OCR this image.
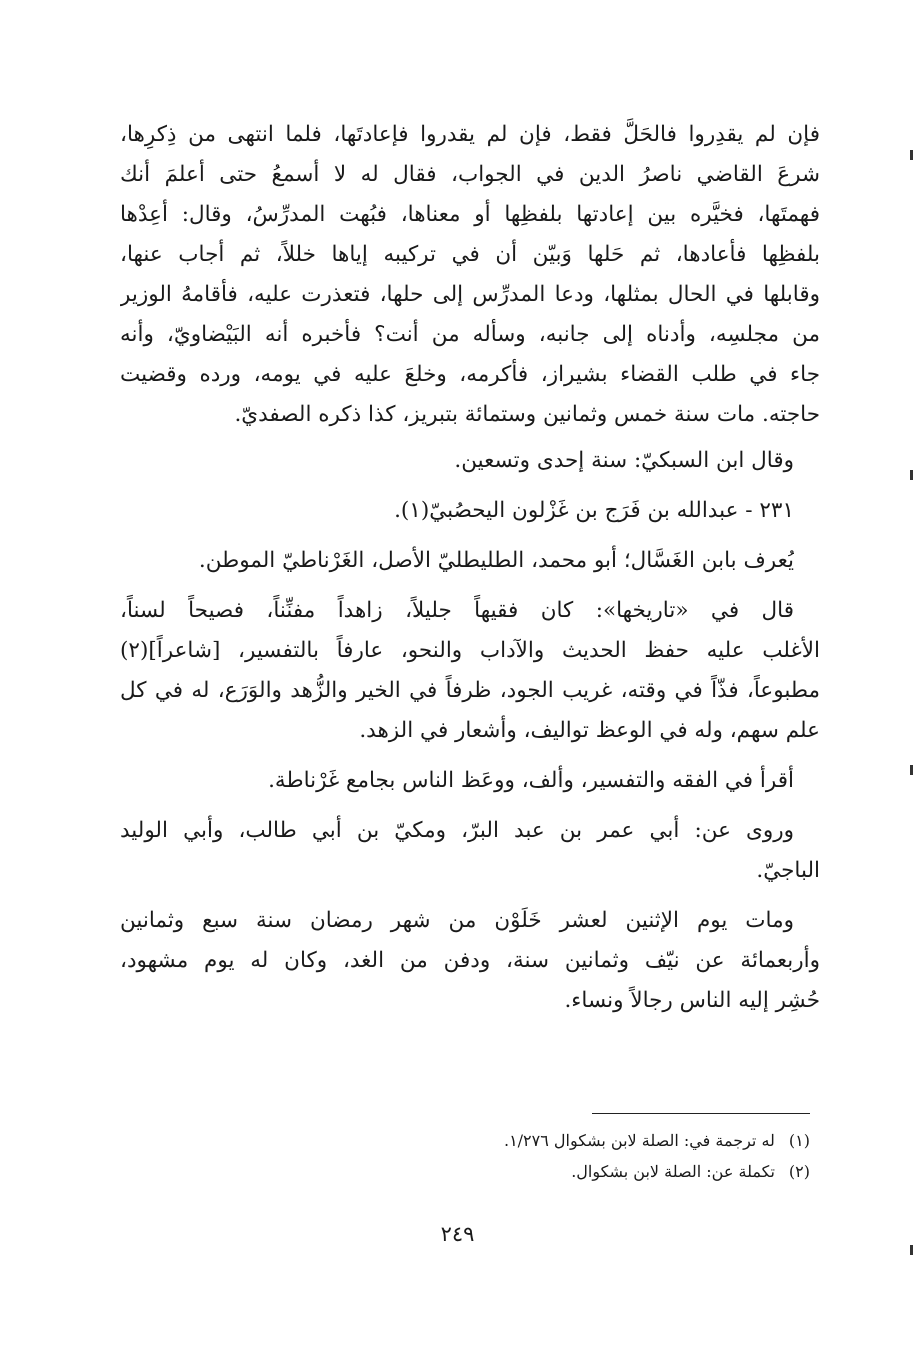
فإن لم يقدِروا فالحَلَّ فقط، فإن لم يقدروا فإعادتَها، فلما انتهى من ذِكرِها،
شرعَ القاضي ناصرُ الدين في الجواب، فقال له لا أسمعُ حتى أعلمَ أنك
فهمتَها، فخيَّره بين إعادتها بلفظِها أو معناها، فبُهت المدرِّسُ، وقال: أعِدْها
بلفظِها فأعادها، ثم حَلها وَبيّن أن في تركيبه إياها خللاً، ثم أجاب عنها،
وقابلها في الحال بمثلها، ودعا المدرِّس إلى حلها، فتعذرت عليه، فأقامهُ الوزير
من مجلسِه، وأدناه إلى جانبه، وسأله من أنت؟ فأخبره أنه البَيْضاويّ، وأنه
جاء في طلب القضاء بشيراز، فأكرمه، وخلعَ عليه في يومه، ورده وقضيت
حاجته. مات سنة خمس وثمانين وستمائة بتبريز، كذا ذكره الصفديّ.
وقال ابن السبكيّ: سنة إحدى وتسعين.
٢٣١ - عبدالله بن فَرَج بن غَزْلون اليحصُبيّ(١).
يُعرف بابن الغَسَّال؛ أبو محمد، الطليطليّ الأصل، الغَرْناطيّ الموطن.
قال في «تاريخها»: كان فقيهاً جليلاً، زاهداً مفنِّناً، فصيحاً لسناً،
الأغلب عليه حفظ الحديث والآداب والنحو، عارفاً بالتفسير، [شاعراً](٢)
مطبوعاً، فذّاً في وقته، غريب الجود، ظرفاً في الخير والزُّهد والوَرَع، له في كل
علم سهم، وله في الوعظ تواليف، وأشعار في الزهد.
أقرأ في الفقه والتفسير، وألف، ووعَظ الناس بجامع غَرْناطة.
وروى عن: أبي عمر بن عبد البرّ، ومكيّ بن أبي طالب، وأبي الوليد
الباجيّ.
ومات يوم الإثنين لعشر خَلَوْن من شهر رمضان سنة سبع وثمانين
وأربعمائة عن نيّف وثمانين سنة، ودفن من الغد، وكان له يوم مشهود،
حُشِر إليه الناس رجالاً ونساء.
(١)له ترجمة في: الصلة لابن بشكوال ١/٢٧٦.
(٢)تكملة عن: الصلة لابن بشكوال.
٢٤٩
